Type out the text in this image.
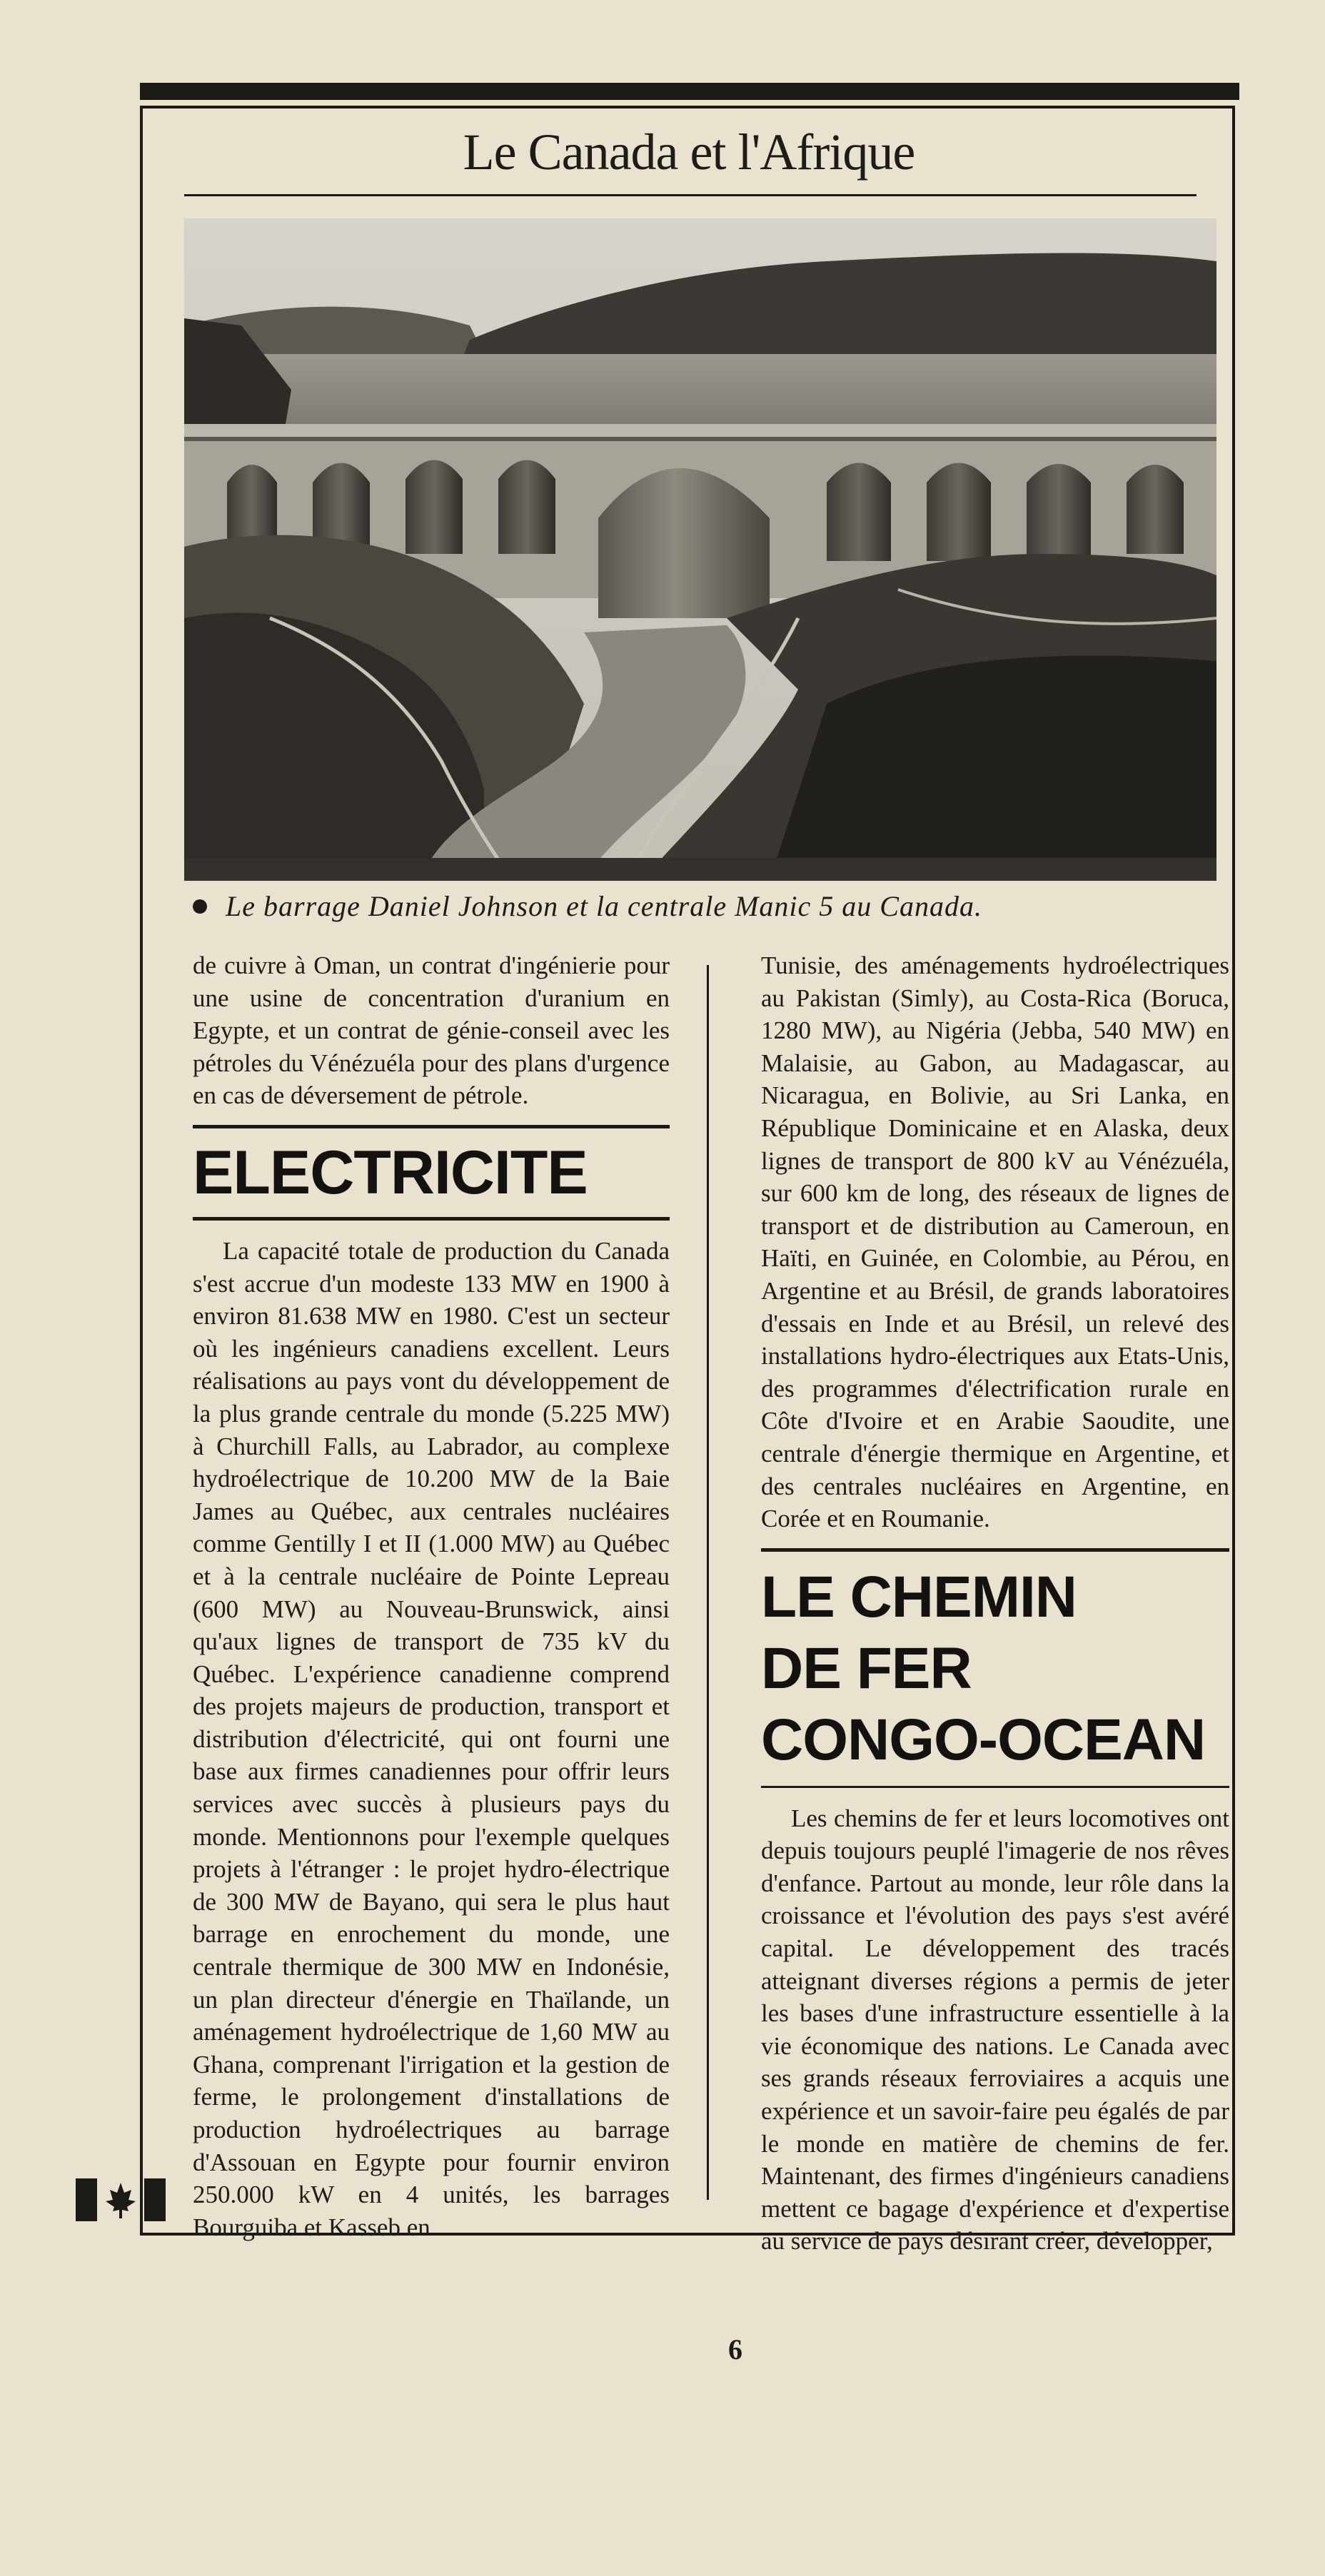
Le Canada et l'Afrique
Le barrage Daniel Johnson et la centrale Manic 5 au Canada.

de cuivre à Oman, un contrat d'ingénierie pour une usine de concentration d'uranium en Egypte, et un contrat de génie-conseil avec les pétroles du Vénézuéla pour des plans d'urgence en cas de déversement de pétrole.

ELECTRICITE

La capacité totale de production du Canada s'est accrue d'un modeste 133 MW en 1900 à environ 81.638 MW en 1980. C'est un secteur où les ingénieurs canadiens excellent. Leurs réalisations au pays vont du développement de la plus grande centrale du monde (5.225 MW) à Churchill Falls, au Labrador, au complexe hydroélectrique de 10.200 MW de la Baie James au Québec, aux centrales nucléaires comme Gentilly I et II (1.000 MW) au Québec et à la centrale nucléaire de Pointe Lepreau (600 MW) au Nouveau-Brunswick, ainsi qu'aux lignes de transport de 735 kV du Québec. L'expérience canadienne comprend des projets majeurs de production, transport et distribution d'électricité, qui ont fourni une base aux firmes canadiennes pour offrir leurs services avec succès à plusieurs pays du monde. Mentionnons pour l'exemple quelques projets à l'étranger : le projet hydro-électrique de 300 MW de Bayano, qui sera le plus haut barrage en enrochement du monde, une centrale thermique de 300 MW en Indonésie, un plan directeur d'énergie en Thaïlande, un aménagement hydroélectrique de 1,60 MW au Ghana, comprenant l'irrigation et la gestion de ferme, le prolongement d'installations de production hydroélectriques au barrage d'Assouan en Egypte pour fournir environ 250.000 kW en 4 unités, les barrages Bourguiba et Kasseb en

Tunisie, des aménagements hydroélectriques au Pakistan (Simly), au Costa-Rica (Boruca, 1280 MW), au Nigéria (Jebba, 540 MW) en Malaisie, au Gabon, au Madagascar, au Nicaragua, en Bolivie, au Sri Lanka, en République Dominicaine et en Alaska, deux lignes de transport de 800 kV au Vénézuéla, sur 600 km de long, des réseaux de lignes de transport et de distribution au Cameroun, en Haïti, en Guinée, en Colombie, au Pérou, en Argentine et au Brésil, de grands laboratoires d'essais en Inde et au Brésil, un relevé des installations hydro-électriques aux Etats-Unis, des programmes d'électrification rurale en Côte d'Ivoire et en Arabie Saoudite, une centrale d'énergie thermique en Argentine, et des centrales nucléaires en Argentine, en Corée et en Roumanie.

LE CHEMIN
DE FER
CONGO-OCEAN

Les chemins de fer et leurs locomotives ont depuis toujours peuplé l'imagerie de nos rêves d'enfance. Partout au monde, leur rôle dans la croissance et l'évolution des pays s'est avéré capital. Le développement des tracés atteignant diverses régions a permis de jeter les bases d'une infrastructure essentielle à la vie économique des nations. Le Canada avec ses grands réseaux ferroviaires a acquis une expérience et un savoir-faire peu égalés de par le monde en matière de chemins de fer. Maintenant, des firmes d'ingénieurs canadiens mettent ce bagage d'expérience et d'expertise au service de pays désirant créer, développer,

6
